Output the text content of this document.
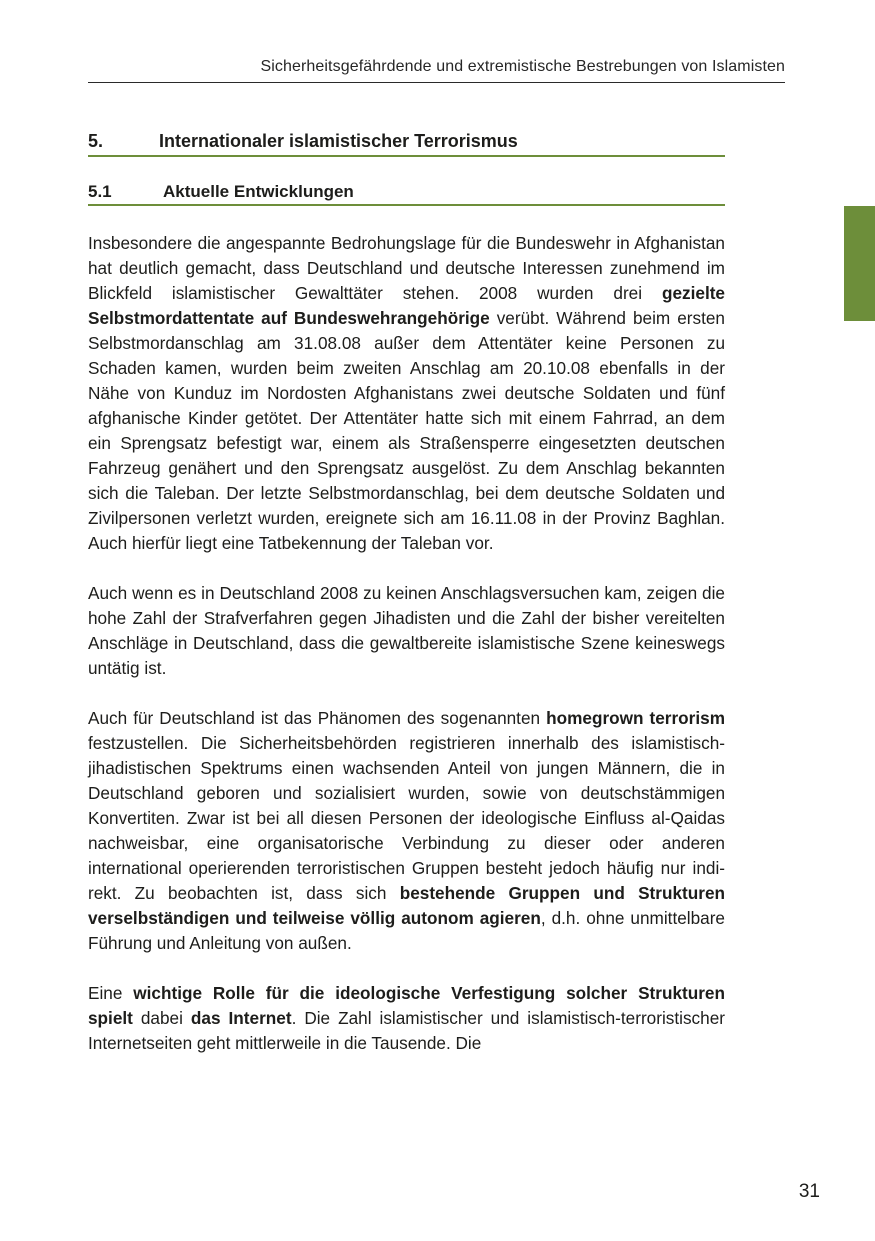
Sicherheitsgefährdende und extremistische Bestrebungen von Islamisten
5.	Internationaler islamistischer Terrorismus
5.1	Aktuelle Entwicklungen

Insbesondere die angespannte Bedrohungslage für die Bundeswehr in Afghanistan hat deutlich gemacht, dass Deutschland und deutsche Interessen zunehmend im Blickfeld islamistischer Gewalttäter stehen. 2008 wurden drei gezielte Selbstmordattentate auf Bundeswehrangehörige verübt. Während beim ersten Selbstmordanschlag am 31.08.08 außer dem Attentäter keine Personen zu Schaden kamen, wurden beim zweiten Anschlag am 20.10.08 ebenfalls in der Nähe von Kunduz im Nordosten Afghanistans zwei deutsche Soldaten und fünf afghanische Kinder getötet. Der Attentäter hatte sich mit einem Fahrrad, an dem ein Sprengsatz befestigt war, einem als Straßensperre eingesetzten deutschen Fahrzeug genähert und den Sprengsatz ausgelöst. Zu dem Anschlag bekannten sich die Taleban. Der letzte Selbstmordanschlag, bei dem deutsche Soldaten und Zivilpersonen verletzt wurden, ereignete sich am 16.11.08 in der Provinz Baghlan. Auch hierfür liegt eine Tatbekennung der Taleban vor.

Auch wenn es in Deutschland 2008 zu keinen Anschlagsversuchen kam, zeigen die hohe Zahl der Strafverfahren gegen Jihadisten und die Zahl der bisher vereitelten Anschläge in Deutschland, dass die gewaltbereite islamistische Szene keineswegs untätig ist.

Auch für Deutschland ist das Phänomen des sogenannten homegrown terrorism festzustellen. Die Sicherheitsbehörden registrieren innerhalb des islamistisch-jihadistischen Spektrums einen wachsenden Anteil von jungen Männern, die in Deutschland geboren und sozialisiert wurden, sowie von deutschstämmigen Konvertiten. Zwar ist bei all diesen Personen der ideologische Einfluss al-Qaidas nachweisbar, eine organisatorische Verbindung zu dieser oder anderen international operierenden terroristischen Gruppen besteht jedoch häufig nur indirekt. Zu beobachten ist, dass sich bestehende Gruppen und Strukturen verselbständigen und teilweise völlig autonom agieren, d.h. ohne unmittelbare Führung und Anleitung von außen.

Eine wichtige Rolle für die ideologische Verfestigung solcher Strukturen spielt dabei das Internet. Die Zahl islamistischer und islamistisch-terroristischer Internetseiten geht mittlerweile in die Tausende. Die

31
